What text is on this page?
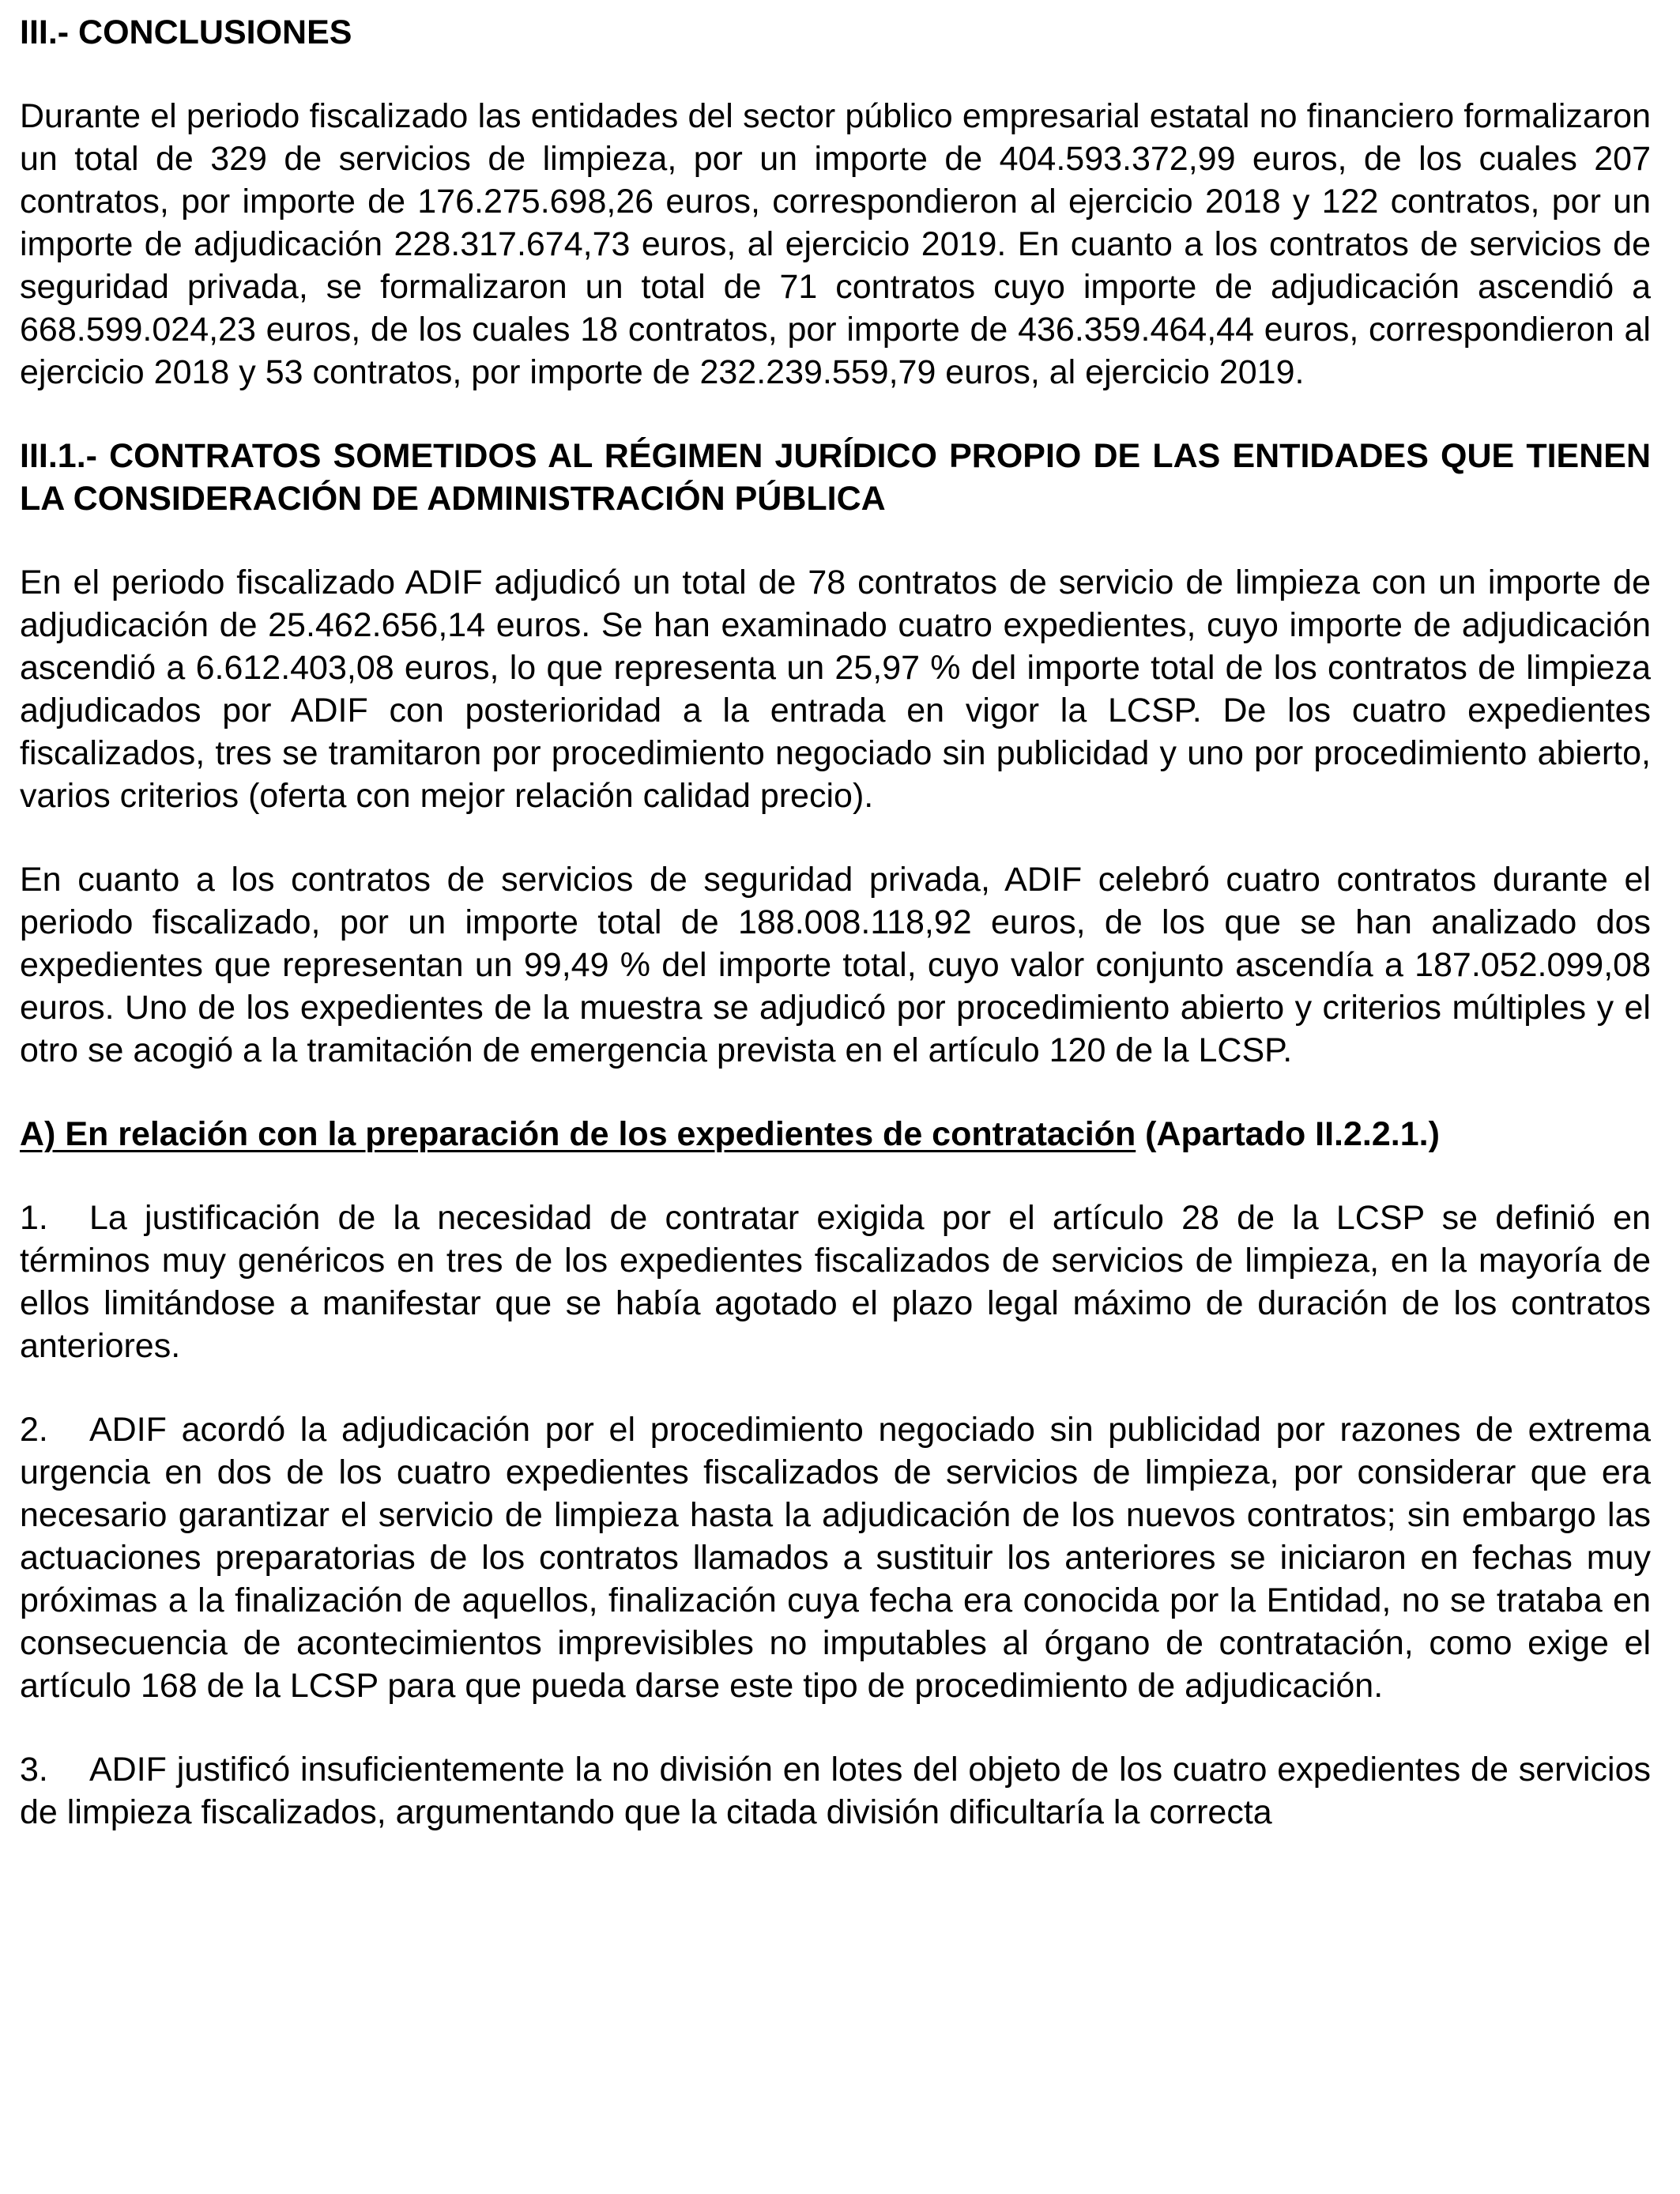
III.- CONCLUSIONES

Durante el periodo fiscalizado las entidades del sector público empresarial estatal no financiero formalizaron un total de 329 de servicios de limpieza, por un importe de 404.593.372,99 euros, de los cuales 207 contratos, por importe de 176.275.698,26 euros, correspondieron al ejercicio 2018 y 122 contratos, por un importe de adjudicación 228.317.674,73 euros, al ejercicio 2019. En cuanto a los contratos de servicios de seguridad privada, se formalizaron un total de 71 contratos cuyo importe de adjudicación ascendió a 668.599.024,23 euros, de los cuales 18 contratos, por importe de 436.359.464,44 euros, correspondieron al ejercicio 2018 y 53 contratos, por importe de 232.239.559,79 euros, al ejercicio 2019.

III.1.- CONTRATOS SOMETIDOS AL RÉGIMEN JURÍDICO PROPIO DE LAS ENTIDADES QUE TIENEN LA CONSIDERACIÓN DE ADMINISTRACIÓN PÚBLICA

En el periodo fiscalizado ADIF adjudicó un total de 78 contratos de servicio de limpieza con un importe de adjudicación de 25.462.656,14 euros. Se han examinado cuatro expedientes, cuyo importe de adjudicación ascendió a 6.612.403,08 euros, lo que representa un 25,97 % del importe total de los contratos de limpieza adjudicados por ADIF con posterioridad a la entrada en vigor la LCSP. De los cuatro expedientes fiscalizados, tres se tramitaron por procedimiento negociado sin publicidad y uno por procedimiento abierto, varios criterios (oferta con mejor relación calidad precio).

En cuanto a los contratos de servicios de seguridad privada, ADIF celebró cuatro contratos durante el periodo fiscalizado, por un importe total de 188.008.118,92 euros, de los que se han analizado dos expedientes que representan un 99,49 % del importe total, cuyo valor conjunto ascendía a 187.052.099,08 euros. Uno de los expedientes de la muestra se adjudicó por procedimiento abierto y criterios múltiples y el otro se acogió a la tramitación de emergencia prevista en el artículo 120 de la LCSP.

A) En relación con la preparación de los expedientes de contratación (Apartado II.2.2.1.)

1. La justificación de la necesidad de contratar exigida por el artículo 28 de la LCSP se definió en términos muy genéricos en tres de los expedientes fiscalizados de servicios de limpieza, en la mayoría de ellos limitándose a manifestar que se había agotado el plazo legal máximo de duración de los contratos anteriores.

2. ADIF acordó la adjudicación por el procedimiento negociado sin publicidad por razones de extrema urgencia en dos de los cuatro expedientes fiscalizados de servicios de limpieza, por considerar que era necesario garantizar el servicio de limpieza hasta la adjudicación de los nuevos contratos; sin embargo las actuaciones preparatorias de los contratos llamados a sustituir los anteriores se iniciaron en fechas muy próximas a la finalización de aquellos, finalización cuya fecha era conocida por la Entidad, no se trataba en consecuencia de acontecimientos imprevisibles no imputables al órgano de contratación, como exige el artículo 168 de la LCSP para que pueda darse este tipo de procedimiento de adjudicación.

3. ADIF justificó insuficientemente la no división en lotes del objeto de los cuatro expedientes de servicios de limpieza fiscalizados, argumentando que la citada división dificultaría la correcta
